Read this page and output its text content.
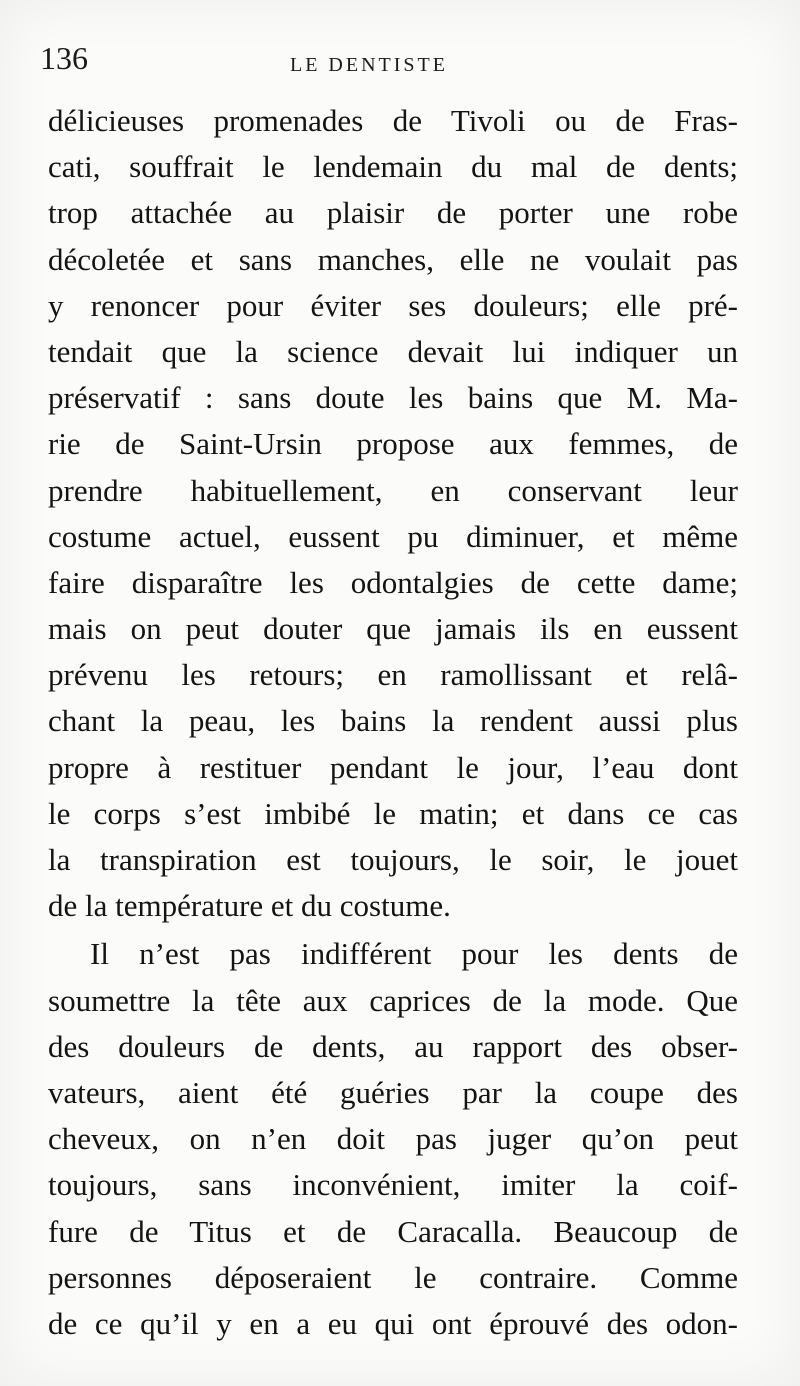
136	LE DENTISTE
délicieuses promenades de Tivoli ou de Fras-
cati, souffrait le lendemain du mal de dents;
trop attachée au plaisir de porter une robe
décoletée et sans manches, elle ne voulait pas
y renoncer pour éviter ses douleurs; elle pré-
tendait que la science devait lui indiquer un
préservatif : sans doute les bains que M. Ma-
rie de Saint-Ursin propose aux femmes, de
prendre habituellement, en conservant leur
costume actuel, eussent pu diminuer, et même
faire disparaître les odontalgies de cette dame;
mais on peut douter que jamais ils en eussent
prévenu les retours; en ramollissant et relâ-
chant la peau, les bains la rendent aussi plus
propre à restituer pendant le jour, l’eau dont
le corps s’est imbibé le matin; et dans ce cas
la transpiration est toujours, le soir, le jouet
de la température et du costume.
Il n’est pas indifférent pour les dents de
soumettre la tête aux caprices de la mode. Que
des douleurs de dents, au rapport des obser-
vateurs, aient été guéries par la coupe des
cheveux, on n’en doit pas juger qu’on peut
toujours, sans inconvénient, imiter la coif-
fure de Titus et de Caracalla. Beaucoup de
personnes déposeraient le contraire. Comme
de ce qu’il y en a eu qui ont éprouvé des odon-
